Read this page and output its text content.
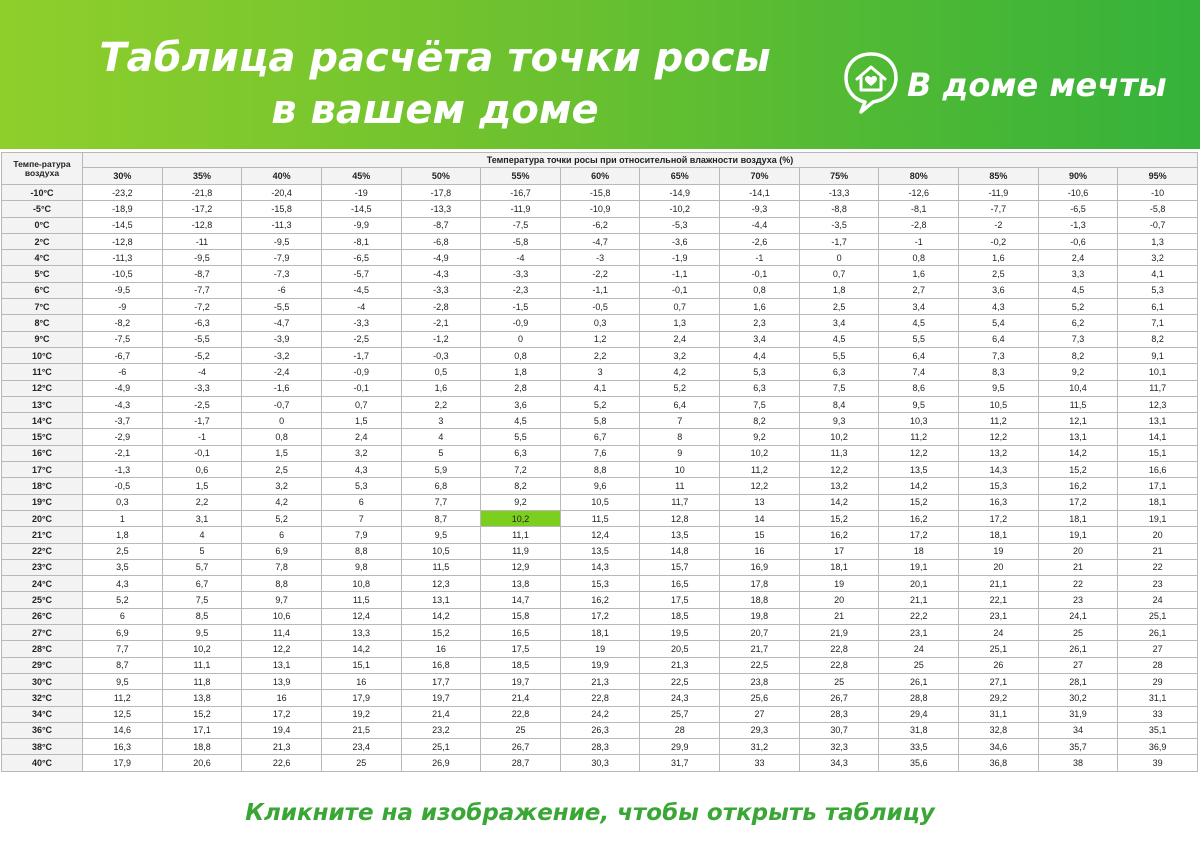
Таблица расчёта точки росы
в вашем доме
В доме мечты
Темпе-ратура воздуха	Температура точки росы при относительной влажности воздуха (%)													
	30%	35%	40%	45%	50%	55%	60%	65%	70%	75%	80%	85%	90%	95%
-10°C	-23,2	-21,8	-20,4	-19	-17,8	-16,7	-15,8	-14,9	-14,1	-13,3	-12,6	-11,9	-10,6	-10
-5°C	-18,9	-17,2	-15,8	-14,5	-13,3	-11,9	-10,9	-10,2	-9,3	-8,8	-8,1	-7,7	-6,5	-5,8
0°C	-14,5	-12,8	-11,3	-9,9	-8,7	-7,5	-6,2	-5,3	-4,4	-3,5	-2,8	-2	-1,3	-0,7
2°C	-12,8	-11	-9,5	-8,1	-6,8	-5,8	-4,7	-3,6	-2,6	-1,7	-1	-0,2	-0,6	1,3
4°C	-11,3	-9,5	-7,9	-6,5	-4,9	-4	-3	-1,9	-1	0	0,8	1,6	2,4	3,2
5°C	-10,5	-8,7	-7,3	-5,7	-4,3	-3,3	-2,2	-1,1	-0,1	0,7	1,6	2,5	3,3	4,1
6°C	-9,5	-7,7	-6	-4,5	-3,3	-2,3	-1,1	-0,1	0,8	1,8	2,7	3,6	4,5	5,3
7°C	-9	-7,2	-5,5	-4	-2,8	-1,5	-0,5	0,7	1,6	2,5	3,4	4,3	5,2	6,1
8°C	-8,2	-6,3	-4,7	-3,3	-2,1	-0,9	0,3	1,3	2,3	3,4	4,5	5,4	6,2	7,1
9°C	-7,5	-5,5	-3,9	-2,5	-1,2	0	1,2	2,4	3,4	4,5	5,5	6,4	7,3	8,2
10°C	-6,7	-5,2	-3,2	-1,7	-0,3	0,8	2,2	3,2	4,4	5,5	6,4	7,3	8,2	9,1
11°C	-6	-4	-2,4	-0,9	0,5	1,8	3	4,2	5,3	6,3	7,4	8,3	9,2	10,1
12°C	-4,9	-3,3	-1,6	-0,1	1,6	2,8	4,1	5,2	6,3	7,5	8,6	9,5	10,4	11,7
13°C	-4,3	-2,5	-0,7	0,7	2,2	3,6	5,2	6,4	7,5	8,4	9,5	10,5	11,5	12,3
14°C	-3,7	-1,7	0	1,5	3	4,5	5,8	7	8,2	9,3	10,3	11,2	12,1	13,1
15°C	-2,9	-1	0,8	2,4	4	5,5	6,7	8	9,2	10,2	11,2	12,2	13,1	14,1
16°C	-2,1	-0,1	1,5	3,2	5	6,3	7,6	9	10,2	11,3	12,2	13,2	14,2	15,1
17°C	-1,3	0,6	2,5	4,3	5,9	7,2	8,8	10	11,2	12,2	13,5	14,3	15,2	16,6
18°C	-0,5	1,5	3,2	5,3	6,8	8,2	9,6	11	12,2	13,2	14,2	15,3	16,2	17,1
19°C	0,3	2,2	4,2	6	7,7	9,2	10,5	11,7	13	14,2	15,2	16,3	17,2	18,1
20°C	1	3,1	5,2	7	8,7	10,2	11,5	12,8	14	15,2	16,2	17,2	18,1	19,1
21°C	1,8	4	6	7,9	9,5	11,1	12,4	13,5	15	16,2	17,2	18,1	19,1	20
22°C	2,5	5	6,9	8,8	10,5	11,9	13,5	14,8	16	17	18	19	20	21
23°C	3,5	5,7	7,8	9,8	11,5	12,9	14,3	15,7	16,9	18,1	19,1	20	21	22
24°C	4,3	6,7	8,8	10,8	12,3	13,8	15,3	16,5	17,8	19	20,1	21,1	22	23
25°C	5,2	7,5	9,7	11,5	13,1	14,7	16,2	17,5	18,8	20	21,1	22,1	23	24
26°C	6	8,5	10,6	12,4	14,2	15,8	17,2	18,5	19,8	21	22,2	23,1	24,1	25,1
27°C	6,9	9,5	11,4	13,3	15,2	16,5	18,1	19,5	20,7	21,9	23,1	24	25	26,1
28°C	7,7	10,2	12,2	14,2	16	17,5	19	20,5	21,7	22,8	24	25,1	26,1	27
29°C	8,7	11,1	13,1	15,1	16,8	18,5	19,9	21,3	22,5	22,8	25	26	27	28
30°C	9,5	11,8	13,9	16	17,7	19,7	21,3	22,5	23,8	25	26,1	27,1	28,1	29
32°C	11,2	13,8	16	17,9	19,7	21,4	22,8	24,3	25,6	26,7	28,8	29,2	30,2	31,1
34°C	12,5	15,2	17,2	19,2	21,4	22,8	24,2	25,7	27	28,3	29,4	31,1	31,9	33
36°C	14,6	17,1	19,4	21,5	23,2	25	26,3	28	29,3	30,7	31,8	32,8	34	35,1
38°C	16,3	18,8	21,3	23,4	25,1	26,7	28,3	29,9	31,2	32,3	33,5	34,6	35,7	36,9
40°C	17,9	20,6	22,6	25	26,9	28,7	30,3	31,7	33	34,3	35,6	36,8	38	39
Кликните на изображение, чтобы открыть таблицу
